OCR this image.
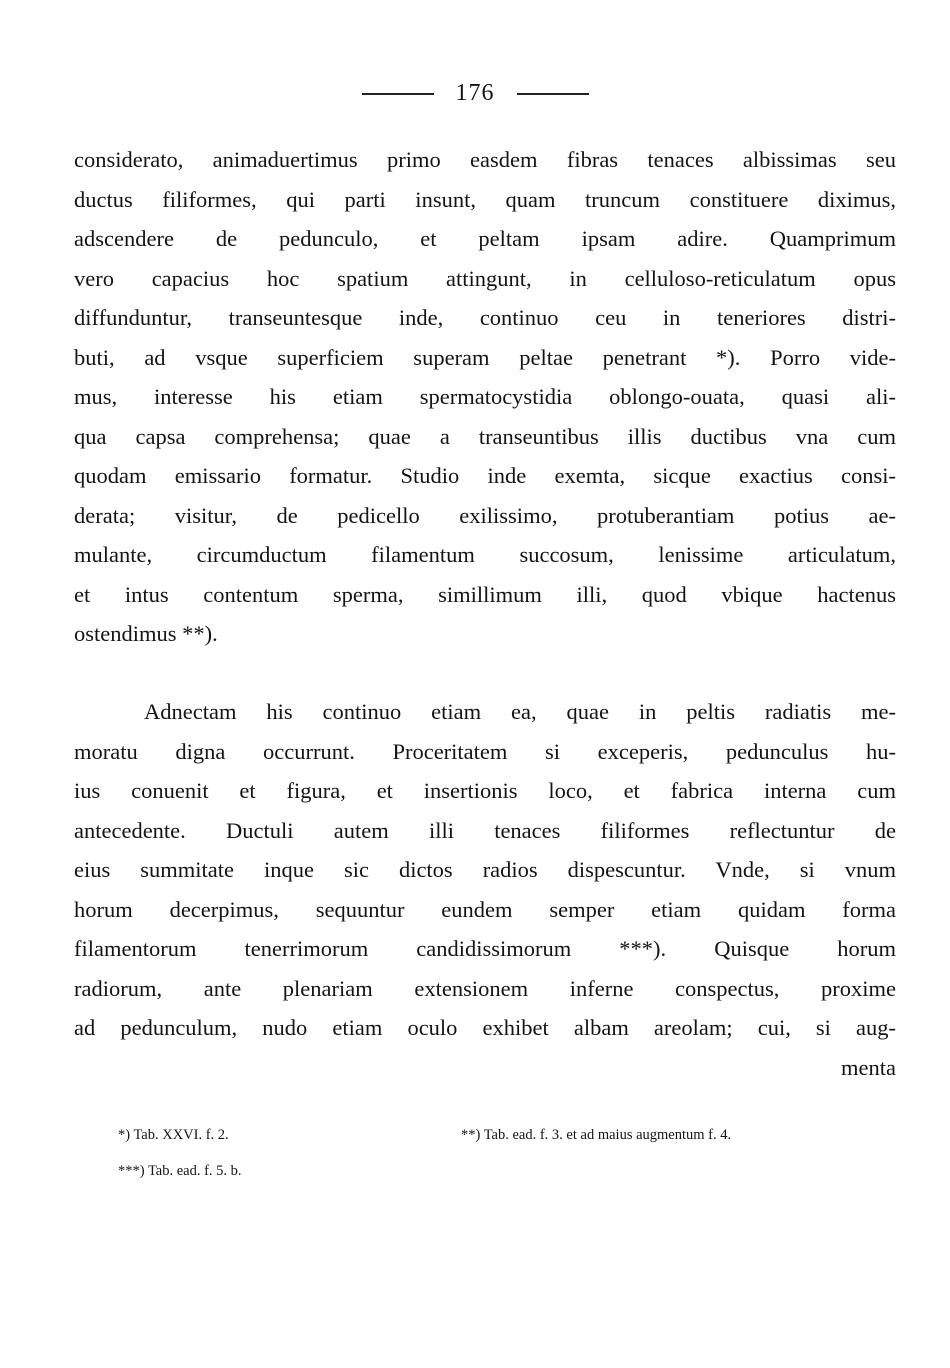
176
considerato, animaduertimus primo easdem fibras tenaces albissimas seu
ductus filiformes, qui parti insunt, quam truncum constituere diximus,
adscendere de pedunculo, et peltam ipsam adire. Quamprimum
vero capacius hoc spatium attingunt, in celluloso-reticulatum opus
diffunduntur, transeuntesque inde, continuo ceu in teneriores distri-
buti, ad vsque superficiem superam peltae penetrant *). Porro vide-
mus, interesse his etiam spermatocystidia oblongo-ouata, quasi ali-
qua capsa comprehensa; quae a transeuntibus illis ductibus vna cum
quodam emissario formatur. Studio inde exemta, sicque exactius consi-
derata; visitur, de pedicello exilissimo, protuberantiam potius ae-
mulante, circumductum filamentum succosum, lenissime articulatum,
et intus contentum sperma, simillimum illi, quod vbique hactenus
ostendimus **).
Adnectam his continuo etiam ea, quae in peltis radiatis me-
moratu digna occurrunt. Proceritatem si exceperis, pedunculus hu-
ius conuenit et figura, et insertionis loco, et fabrica interna cum
antecedente. Ductuli autem illi tenaces filiformes reflectuntur de
eius summitate inque sic dictos radios dispescuntur. Vnde, si vnum
horum decerpimus, sequuntur eundem semper etiam quidam forma
filamentorum tenerrimorum candidissimorum ***). Quisque horum
radiorum, ante plenariam extensionem inferne conspectus, proxime
ad pedunculum, nudo etiam oculo exhibet albam areolam; cui, si aug-
menta
*) Tab. XXVI. f. 2.	**) Tab. ead. f. 3. et ad maius augmentum f. 4.
***) Tab. ead. f. 5. b.
